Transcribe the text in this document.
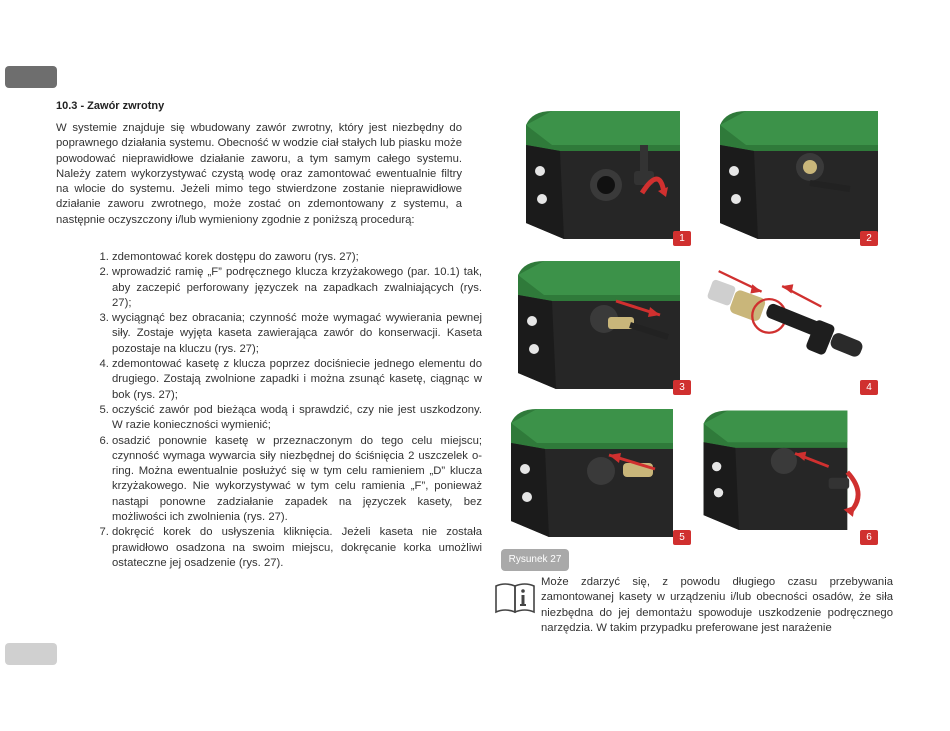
10.3 - Zawór zwrotny

W systemie znajduje się wbudowany zawór zwrotny, który jest niezbędny do poprawnego działania systemu. Obecność w wodzie ciał stałych lub piasku może powodować nieprawidłowe działanie zaworu, a tym samym całego systemu. Należy zatem wykorzystywać czystą wodę oraz zamontować ewentualnie filtry na wlocie do systemu. Jeżeli mimo tego stwierdzone zostanie nieprawidłowe działanie zaworu zwrotnego, może zostać on zdemontowany z systemu, a następnie oczyszczony i/lub wymieniony zgodnie z poniższą procedurą:

1. zdemontować korek dostępu do zaworu (rys. 27);
2. wprowadzić ramię „F” podręcznego klucza krzyżakowego (par. 10.1) tak, aby zaczepić perforowany języczek na zapadkach zwalniających (rys. 27);
3. wyciągnąć bez obracania; czynność może wymagać wywierania pewnej siły. Zostaje wyjęta kaseta zawierająca zawór do konserwacji. Kaseta pozostaje na kluczu (rys. 27);
4. zdemontować kasetę z klucza poprzez dociśniecie jednego elementu do drugiego. Zostają zwolnione zapadki i można zsunąć kasetę, ciągnąc w bok (rys. 27);
5. oczyścić zawór pod bieżąca wodą i sprawdzić, czy nie jest uszkodzony. W razie konieczności wymienić;
6. osadzić ponownie kasetę w przeznaczonym do tego celu miejscu; czynność wymaga wywarcia siły niezbędnej do ściśnięcia 2 uszczelek o-ring. Można ewentualnie posłużyć się w tym celu ramieniem „D” klucza krzyżakowego. Nie wykorzystywać w tym celu ramienia „F”, ponieważ nastąpi ponowne zadziałanie zapadek na języczek kasety, bez możliwości ich zwolnienia (rys. 27).
7. dokręcić korek do usłyszenia kliknięcia. Jeżeli kaseta nie została prawidłowo osadzona na swoim miejscu, dokręcanie korka umożliwi ostateczne jej osadzenie (rys. 27).
1	2
3	4
5	6
Rysunek 27

Może zdarzyć się, z powodu długiego czasu przebywania zamontowanej kasety w urządzeniu i/lub obecności osadów, że siła niezbędna do jej demontażu spowoduje uszkodzenie podręcznego narzędzia. W takim przypadku preferowane jest narażenie
